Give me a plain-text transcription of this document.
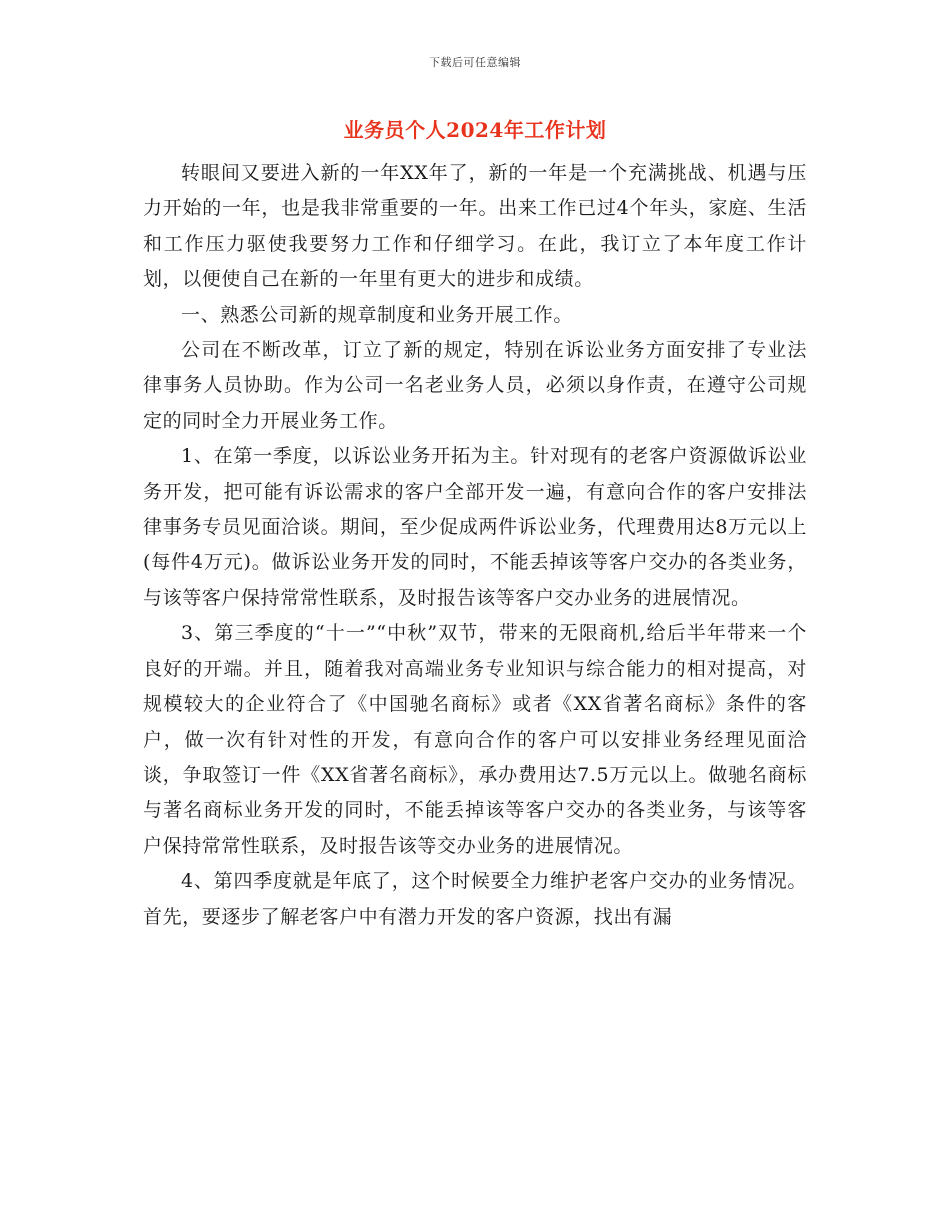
下载后可任意编辑
业务员个人2024年工作计划

转眼间又要进入新的一年XX年了，新的一年是一个充满挑战、机遇与压力开始的一年，也是我非常重要的一年。出来工作已过4个年头，家庭、生活和工作压力驱使我要努力工作和仔细学习。在此，我订立了本年度工作计划，以便使自己在新的一年里有更大的进步和成绩。

一、熟悉公司新的规章制度和业务开展工作。

公司在不断改革，订立了新的规定，特别在诉讼业务方面安排了专业法律事务人员协助。作为公司一名老业务人员，必须以身作责，在遵守公司规定的同时全力开展业务工作。

1、在第一季度，以诉讼业务开拓为主。针对现有的老客户资源做诉讼业务开发，把可能有诉讼需求的客户全部开发一遍，有意向合作的客户安排法律事务专员见面洽谈。期间，至少促成两件诉讼业务，代理费用达8万元以上(每件4万元)。做诉讼业务开发的同时，不能丢掉该等客户交办的各类业务，与该等客户保持常常性联系，及时报告该等客户交办业务的进展情况。

3、第三季度的“十一”“中秋”双节，带来的无限商机,给后半年带来一个良好的开端。并且，随着我对高端业务专业知识与综合能力的相对提高，对规模较大的企业符合了《中国驰名商标》或者《XX省著名商标》条件的客户，做一次有针对性的开发，有意向合作的客户可以安排业务经理见面洽谈，争取签订一件《XX省著名商标》，承办费用达7.5万元以上。做驰名商标与著名商标业务开发的同时，不能丢掉该等客户交办的各类业务，与该等客户保持常常性联系，及时报告该等交办业务的进展情况。

4、第四季度就是年底了，这个时候要全力维护老客户交办的业务情况。首先，要逐步了解老客户中有潜力开发的客户资源，找出有漏
